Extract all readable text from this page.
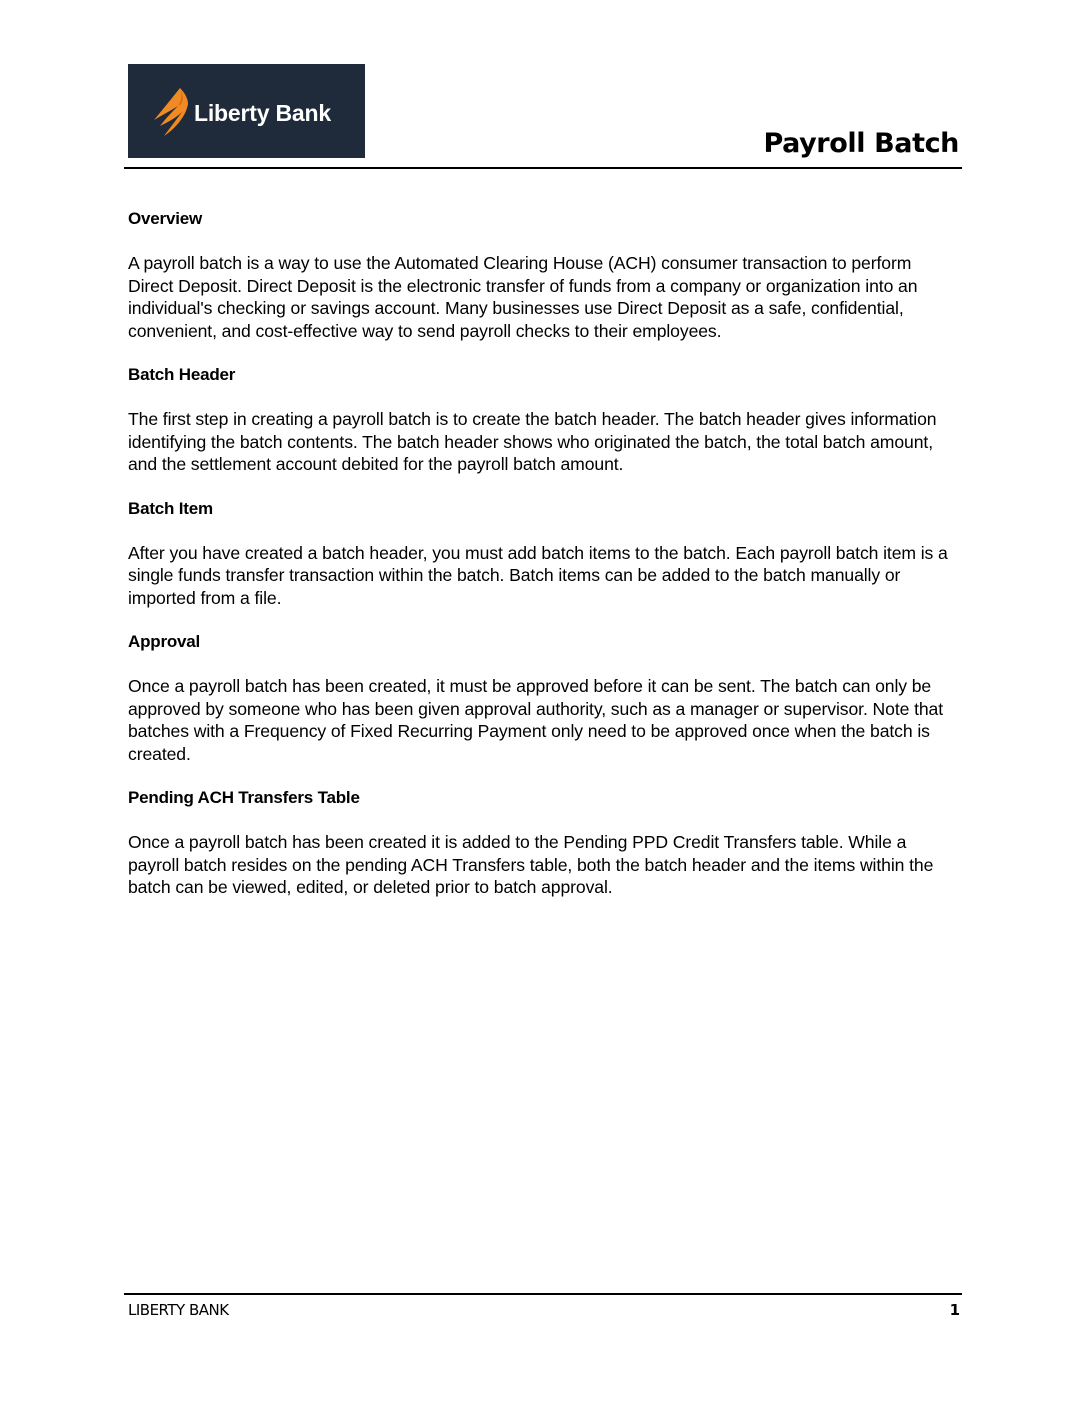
Liberty Bank
Payroll Batch
Overview

A payroll batch is a way to use the Automated Clearing House (ACH) consumer transaction to perform Direct Deposit. Direct Deposit is the electronic transfer of funds from a company or organization into an individual's checking or savings account. Many businesses use Direct Deposit as a safe, confidential, convenient, and cost-effective way to send payroll checks to their employees.

Batch Header

The first step in creating a payroll batch is to create the batch header. The batch header gives information identifying the batch contents. The batch header shows who originated the batch, the total batch amount, and the settlement account debited for the payroll batch amount.

Batch Item

After you have created a batch header, you must add batch items to the batch. Each payroll batch item is a single funds transfer transaction within the batch. Batch items can be added to the batch manually or imported from a file.

Approval

Once a payroll batch has been created, it must be approved before it can be sent. The batch can only be approved by someone who has been given approval authority, such as a manager or supervisor. Note that batches with a Frequency of Fixed Recurring Payment only need to be approved once when the batch is created.

Pending ACH Transfers Table

Once a payroll batch has been created it is added to the Pending PPD Credit Transfers table. While a payroll batch resides on the pending ACH Transfers table, both the batch header and the items within the batch can be viewed, edited, or deleted prior to batch approval.

LIBERTY BANK	1
